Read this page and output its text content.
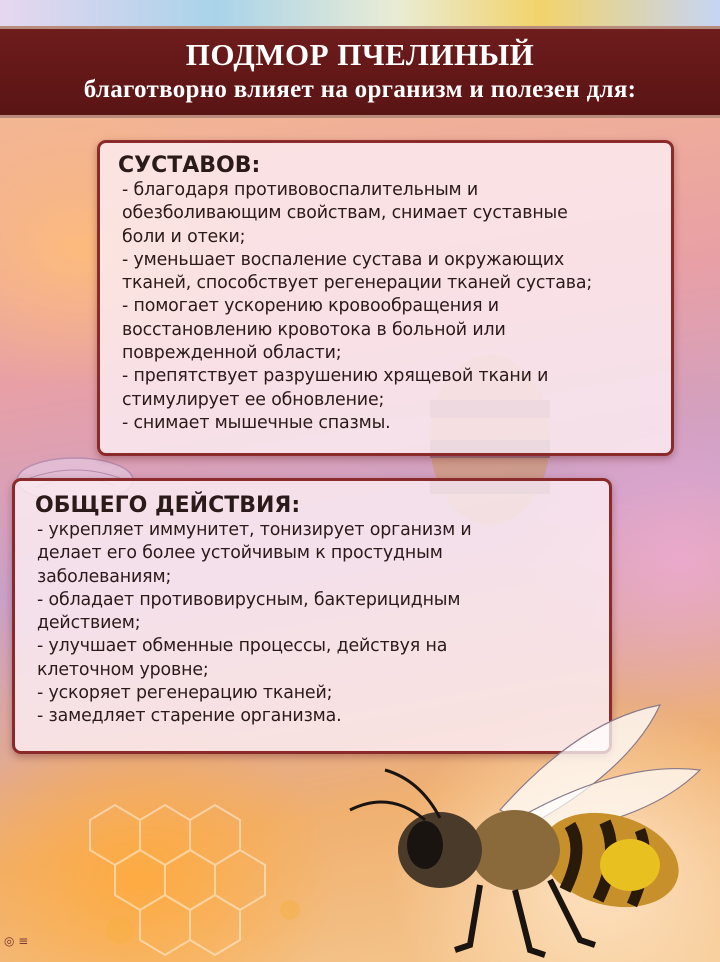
ПОДМОР ПЧЕЛИНЫЙ
благотворно влияет на организм и полезен для:
СУСТАВОВ:
- благодаря противовоспалительным и
обезболивающим свойствам, снимает суставные
боли и отеки;
- уменьшает воспаление сустава и окружающих
тканей, способствует регенерации тканей сустава;
- помогает ускорению кровообращения и
восстановлению кровотока в больной или
поврежденной области;
- препятствует разрушению хрящевой ткани и
стимулирует ее обновление;
- снимает мышечные спазмы.
ОБЩЕГО ДЕЙСТВИЯ:
- укрепляет иммунитет, тонизирует организм и
делает его более устойчивым к простудным
заболеваниям;
- обладает противовирусным, бактерицидным
действием;
- улучшает обменные процессы, действуя на
клеточном уровне;
- ускоряет регенерацию тканей;
- замедляет старение организма.
◎ ≡
